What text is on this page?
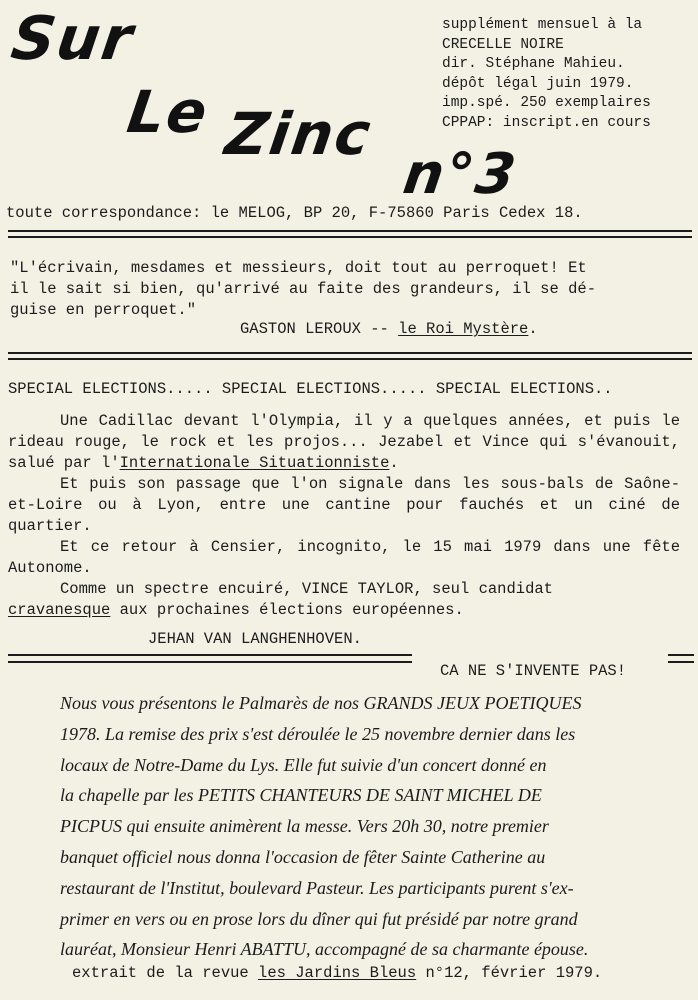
Sur
Le Zinc
n°3
supplément mensuel à la
CRECELLE NOIRE
dir. Stéphane Mahieu.
dépôt légal juin 1979.
imp.spé. 250 exemplaires
CPPAP: inscript.en cours
toute correspondance: le MELOG, BP 20, F-75860 Paris Cedex 18.
"L'écrivain, mesdames et messieurs, doit tout au perroquet! Et
il le sait si bien, qu'arrivé au faite des grandeurs, il se dé-
guise en perroquet."
GASTON LEROUX -- le Roi Mystère.
SPECIAL ELECTIONS..... SPECIAL ELECTIONS..... SPECIAL ELECTIONS..
Une Cadillac devant l'Olympia, il y a quelques années, et puis le rideau rouge, le rock et les projos... Jezabel et Vince qui s'évanouit, salué par l'Internationale Situationniste.
Et puis son passage que l'on signale dans les sous-bals de Saône-et-Loire ou à Lyon, entre une cantine pour fauchés et un ciné de quartier.
Et ce retour à Censier, incognito, le 15 mai 1979 dans une fête Autonome.
Comme un spectre encuiré, VINCE TAYLOR, seul candidat
cravanesque aux prochaines élections européennes.
JEHAN VAN LANGHENHOVEN.
CA NE S'INVENTE PAS!
Nous vous présentons le Palmarès de nos GRANDS JEUX POETIQUES
1978. La remise des prix s'est déroulée le 25 novembre dernier dans les
locaux de Notre-Dame du Lys. Elle fut suivie d'un concert donné en
la chapelle par les PETITS CHANTEURS DE SAINT MICHEL DE
PICPUS qui ensuite animèrent la messe. Vers 20h 30, notre premier
banquet officiel nous donna l'occasion de fêter Sainte Catherine au
restaurant de l'Institut, boulevard Pasteur. Les participants purent s'ex-
primer en vers ou en prose lors du dîner qui fut présidé par notre grand
lauréat, Monsieur Henri ABATTU, accompagné de sa charmante épouse.
extrait de la revue les Jardins Bleus n°12, février 1979.
